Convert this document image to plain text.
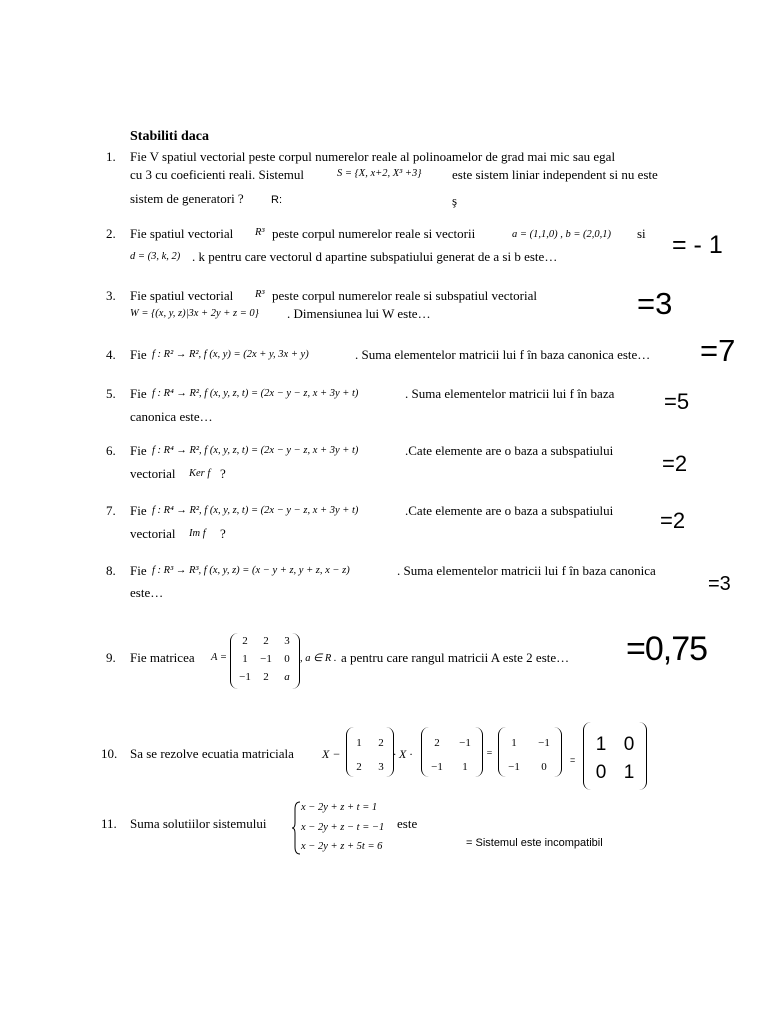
Stabiliti daca
1. Fie V spatiul vectorial peste corpul numerelor reale al polinoamelor de grad mai mic sau egal
cu 3 cu coeficienti reali. Sistemul	S = {X, x+2, X³ +3} este sistem liniar independent si nu este
sistem de generatori ? R:	ş
2. Fie spatiul vectorial R³ peste corpul numerelor reale si vectorii	a = (1,1,0) , b = (2,0,1) si
d = (3, k, 2) . k pentru care vectorul d apartine subspatiului generat de a si b este…	= - 1
3. Fie spatiul vectorial R³ peste corpul numerelor reale si subspatiul vectorial
W = {(x, y, z)|3x + 2y + z = 0} . Dimensiunea lui W este…	=3
4. Fie f : R² → R², f (x, y) = (2x + y, 3x + y)	. Suma elementelor matricii lui f în baza canonica este… =7
5. Fie f : R⁴ → R², f (x, y, z, t) = (2x − y − z, x + 3y + t)	. Suma elementelor matricii lui f în baza
canonica este…
=5
6. Fie f : R⁴ → R², f (x, y, z, t) = (2x − y − z, x + 3y + t)	.Cate elemente are o baza a subspatiului
vectorial Ker f ?	=2
7. Fie f : R⁴ → R², f (x, y, z, t) = (2x − y − z, x + 3y + t)	.Cate elemente are o baza a subspatiului
vectorial Im f ?
=2
8. Fie f : R³ → R³, f (x, y, z) = (x − y + z, y + z, x − z)	. Suma elementelor matricii lui f în baza canonica
este…	=3
9. Fie matricea A =
2	2	3
1	−1	0
−1	2	a
, a ∈ R . a pentru care rangul matricii A este 2 este… =0,75
10. Sa se rezolve ecuatia matriciala X −
1	2
2	3
· X ·
2	−1
−1	1
=
1	−1
−1	0
=
1 0
0 1
11. Suma solutiilor sistemului
x − 2y + z + t = 1
x − 2y + z − t = −1
x − 2y + z + 5t = 6
este
= Sistemul este incompatibil
